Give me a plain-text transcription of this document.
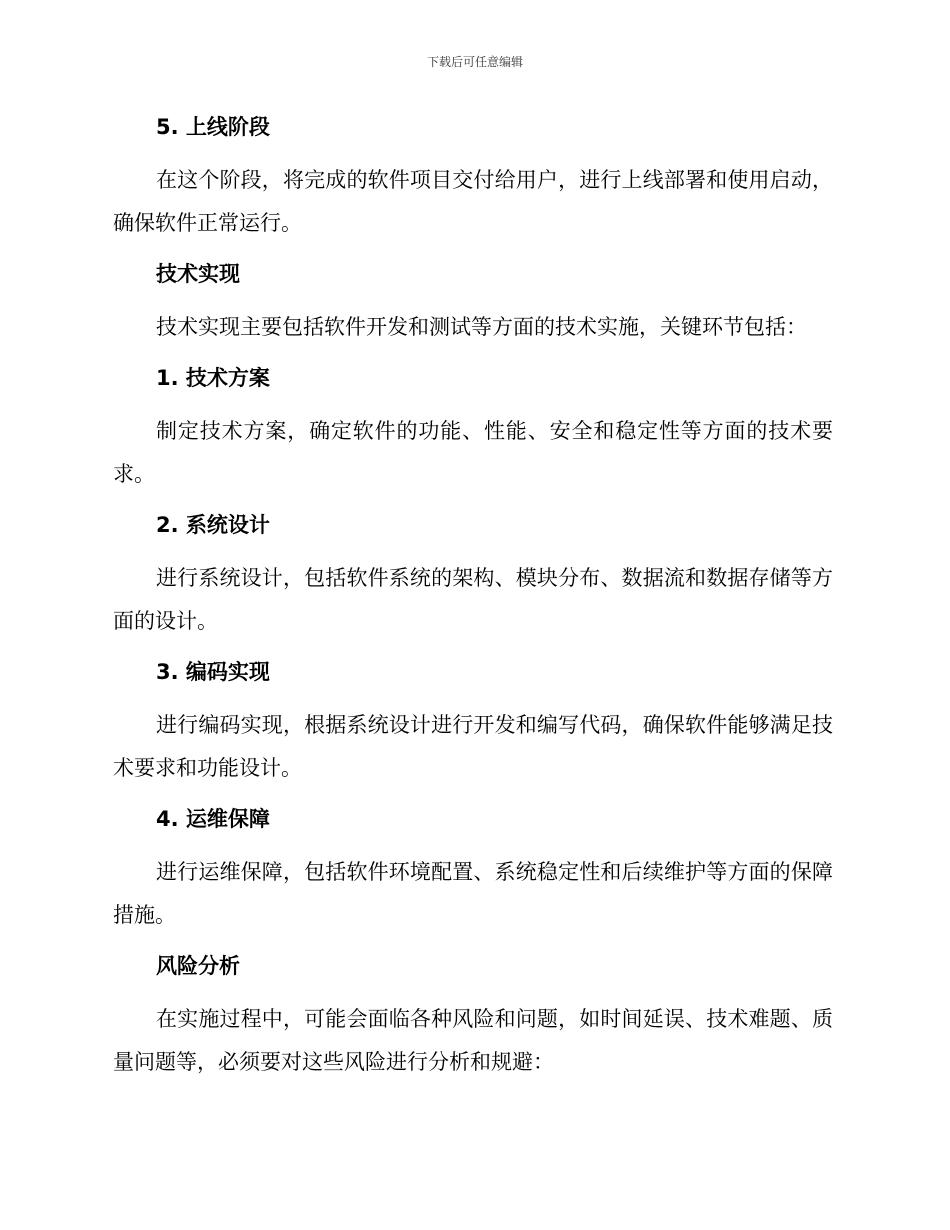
下载后可任意编辑
5. 上线阶段
在这个阶段，将完成的软件项目交付给用户，进行上线部署和使用启动，确保软件正常运行。
技术实现
技术实现主要包括软件开发和测试等方面的技术实施，关键环节包括：
1. 技术方案
制定技术方案，确定软件的功能、性能、安全和稳定性等方面的技术要求。
2. 系统设计
进行系统设计，包括软件系统的架构、模块分布、数据流和数据存储等方面的设计。
3. 编码实现
进行编码实现，根据系统设计进行开发和编写代码，确保软件能够满足技术要求和功能设计。
4. 运维保障
进行运维保障，包括软件环境配置、系统稳定性和后续维护等方面的保障措施。
风险分析
在实施过程中，可能会面临各种风险和问题，如时间延误、技术难题、质量问题等，必须要对这些风险进行分析和规避：
